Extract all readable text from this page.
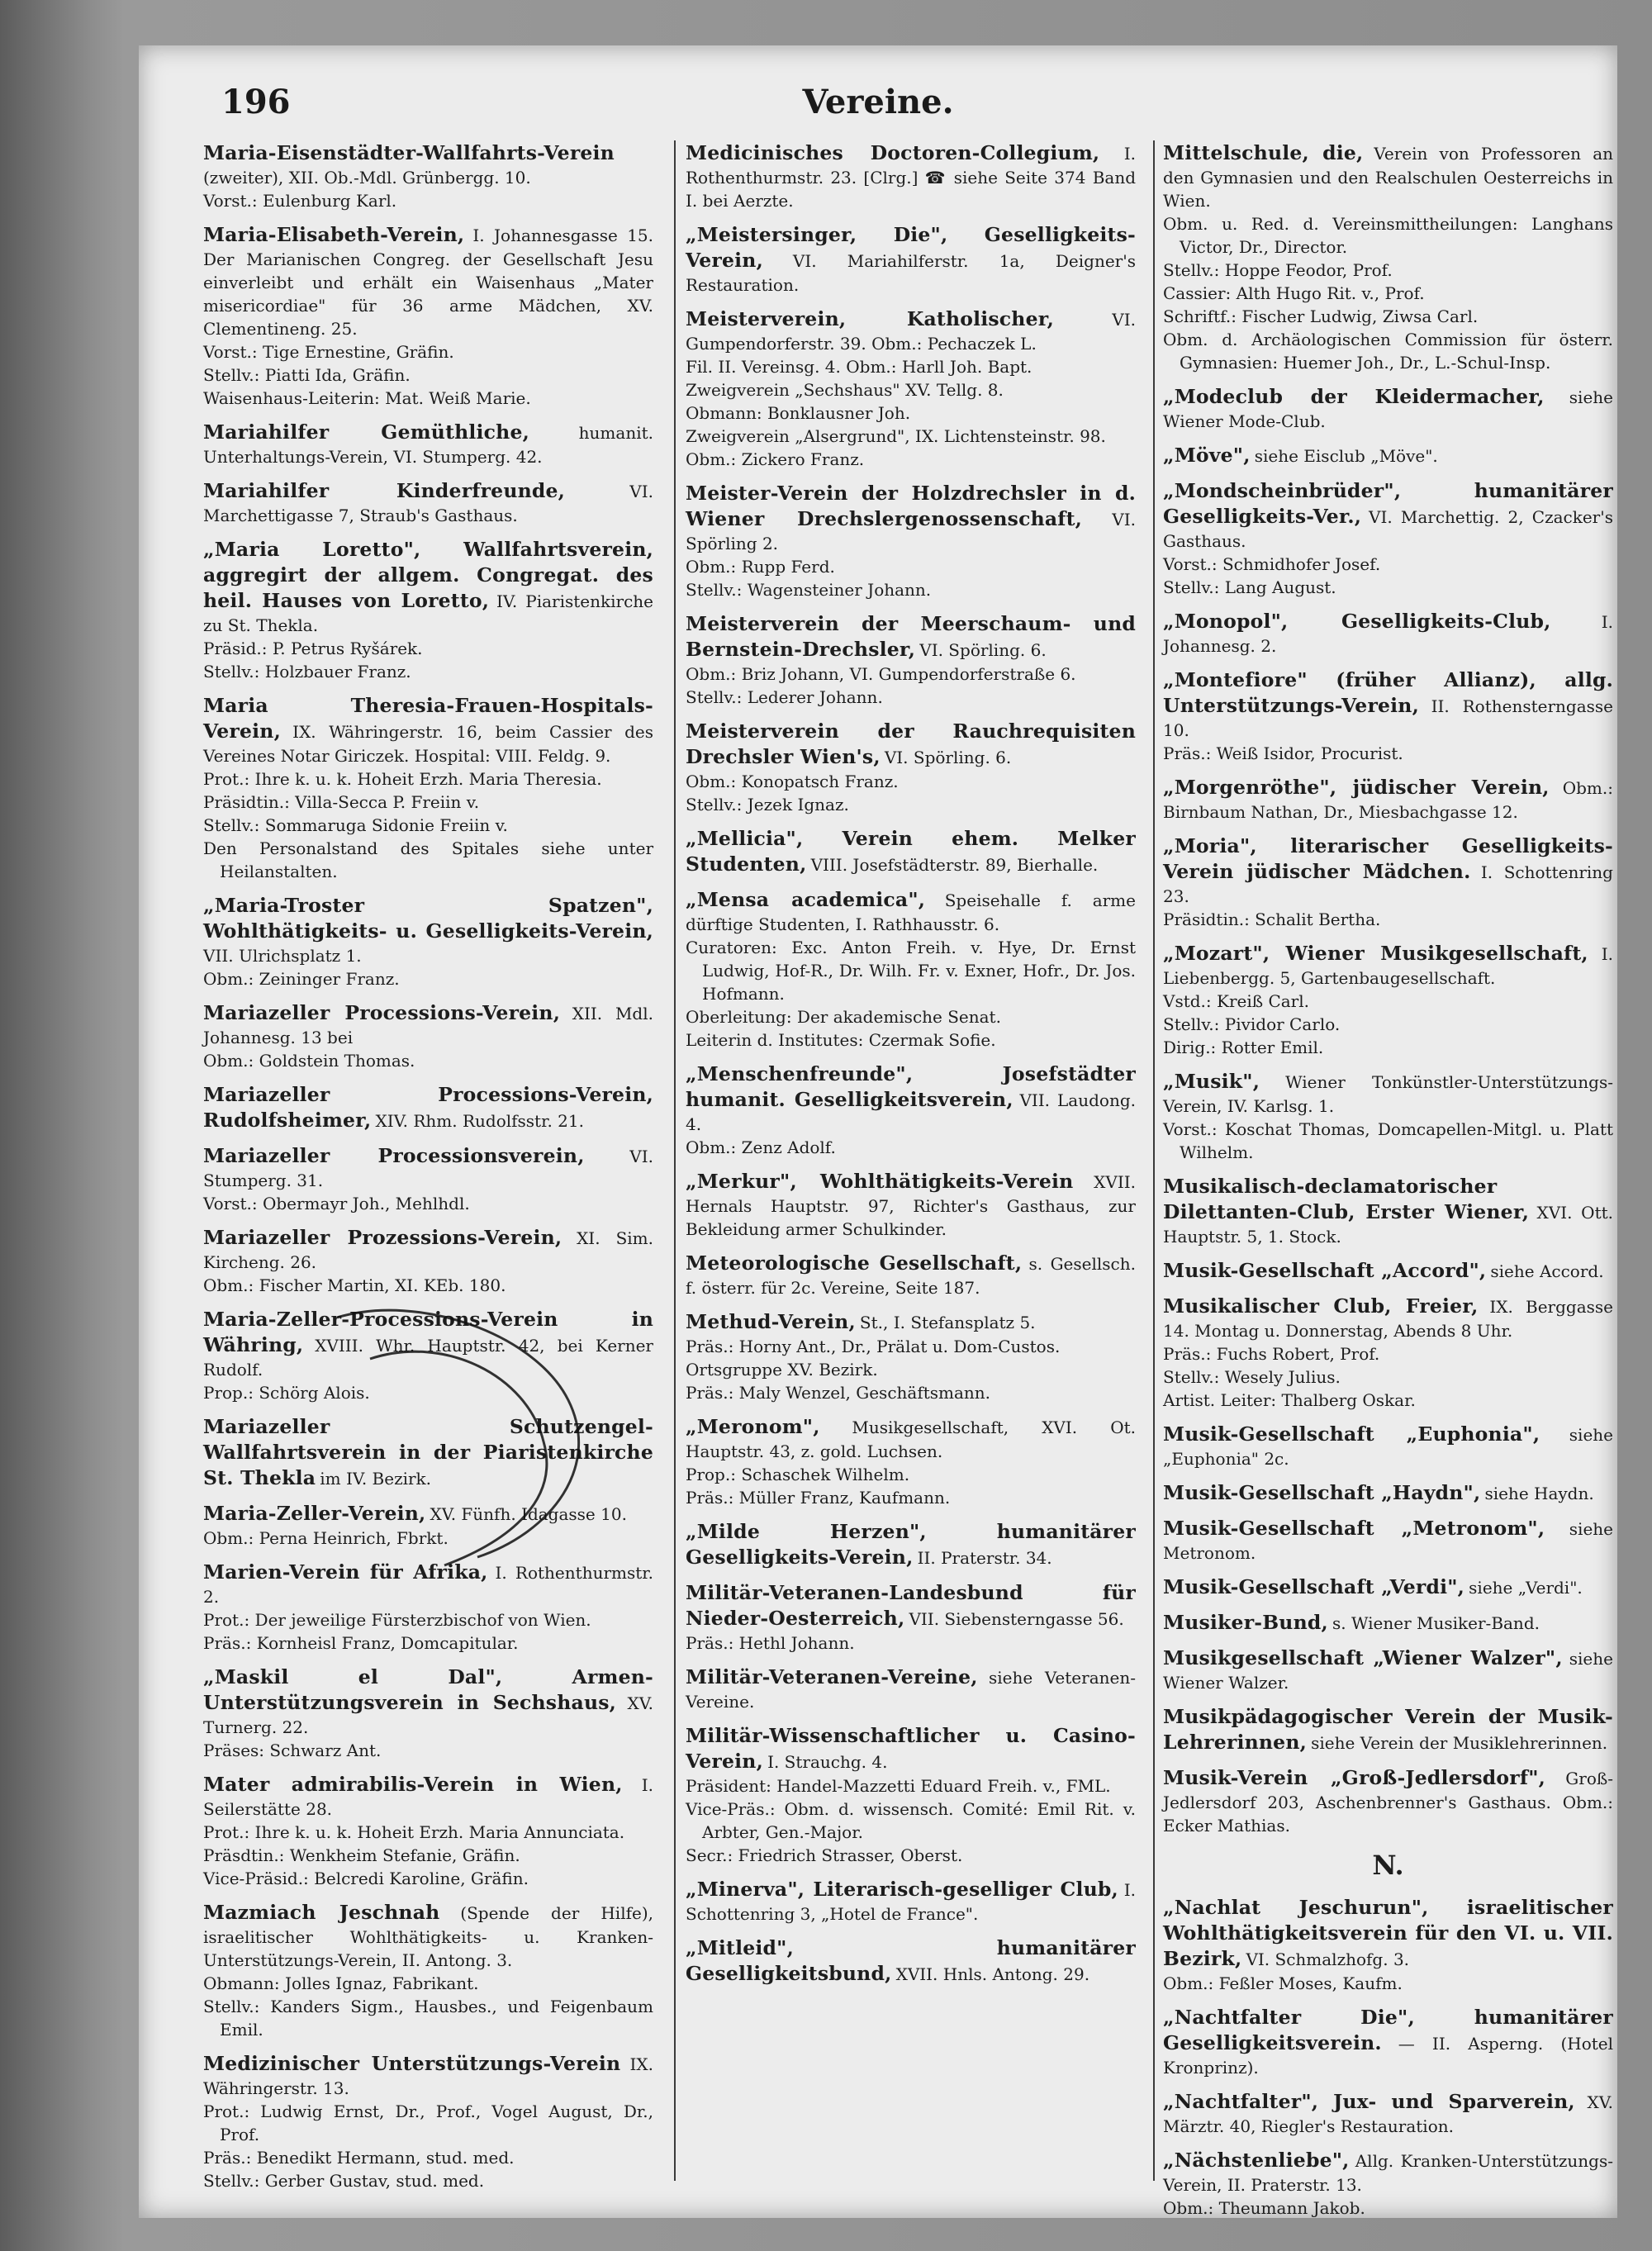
196	Vereine.
Maria-Eisenstädter-Wallfahrts-Verein (zweiter), XII. Ob.-Mdl. Grünbergg. 10.
Vorst.: Eulenburg Karl.
Maria-Elisabeth-Verein, I. Johannesgasse 15. Der Marianischen Congreg. der Gesellschaft Jesu einverleibt und erhält ein Waisenhaus „Mater misericordiae" für 36 arme Mädchen, XV. Clementineng. 25.
Vorst.: Tige Ernestine, Gräfin.
Stellv.: Piatti Ida, Gräfin.
Waisenhaus-Leiterin: Mat. Weiß Marie.
Mariahilfer Gemüthliche,	humanit. Unterhaltungs-Verein, VI. Stumperg. 42.
Mariahilfer Kinderfreunde,	VI. Marchettigasse 7, Straub's Gasthaus.
„Maria Loretto", Wallfahrtsverein, aggregirt der allgem. Congregat. des heil. Hauses von Loretto, IV. Piaristenkirche zu St. Thekla.
Präsid.: P. Petrus Ryšárek.
Stellv.: Holzbauer Franz.
Maria Theresia-Frauen-Hospitals-Verein, IX. Währingerstr. 16, beim Cassier des Vereines Notar Giriczek. Hospital: VIII. Feldg. 9.
Prot.: Ihre k. u. k. Hoheit Erzh. Maria Theresia.
Präsidtin.: Villa-Secca P. Freiin v.
Stellv.: Sommaruga Sidonie Freiin v.
Den Personalstand des Spitales siehe unter Heilanstalten.
„Maria-Troster Spatzen", Wohlthätigkeits- u. Geselligkeits-Verein, VII. Ulrichsplatz 1.
Obm.: Zeininger Franz.
Mariazeller Processions-Verein, XII. Mdl. Johannesg. 13 bei
Obm.: Goldstein Thomas.
Mariazeller Processions-Verein, Rudolfsheimer, XIV. Rhm. Rudolfsstr. 21.
Mariazeller Processionsverein,	VI. Stumperg. 31.
Vorst.: Obermayr Joh., Mehlhdl.
Mariazeller Prozessions-Verein, XI. Sim. Kircheng. 26.
Obm.: Fischer Martin, XI. KEb. 180.
Maria-Zeller-Processions-Verein in Währing, XVIII. Whr. Hauptstr. 42, bei Kerner Rudolf.
Prop.: Schörg Alois.
Mariazeller Schutzengel-Wallfahrtsverein in der Piaristenkirche St. Thekla im IV. Bezirk.
Maria-Zeller-Verein, XV. Fünfh. Idagasse 10.
Obm.: Perna Heinrich, Fbrkt.
Marien-Verein für Afrika, I. Rothenthurmstr. 2.
Prot.: Der jeweilige Fürsterzbischof von Wien.
Präs.: Kornheisl Franz, Domcapitular.
„Maskil el Dal", Armen-Unterstützungsverein in Sechshaus, XV. Turnerg. 22.
Präses: Schwarz Ant.
Mater admirabilis-Verein in Wien, I. Seilerstätte 28.
Prot.: Ihre k. u. k. Hoheit Erzh. Maria Annunciata.
Präsdtin.: Wenkheim Stefanie, Gräfin.
Vice-Präsid.: Belcredi Karoline, Gräfin.
Mazmiach Jeschnah (Spende der Hilfe), israelitischer Wohlthätigkeits- u. Kranken-Unterstützungs-Verein, II. Antong. 3.
Obmann: Jolles Ignaz, Fabrikant.
Stellv.: Kanders Sigm., Hausbes., und Feigenbaum Emil.
Medizinischer Unterstützungs-Verein IX. Währingerstr. 13.
Prot.: Ludwig Ernst, Dr., Prof., Vogel August, Dr., Prof.
Präs.: Benedikt Hermann, stud. med.
Stellv.: Gerber Gustav, stud. med.
Medicinisches Doctoren-Collegium, I. Rothenthurmstr. 23. [Clrg.] ☎ siehe Seite 374 Band I. bei Aerzte.
„Meistersinger, Die", Geselligkeits-Verein, VI. Mariahilferstr. 1a, Deigner's Restauration.
Meisterverein, Katholischer,	VI. Gumpendorferstr. 39. Obm.: Pechaczek L.
Fil. II. Vereinsg. 4. Obm.: Harll Joh. Bapt.
Zweigverein „Sechshaus" XV. Tellg. 8.
Obmann: Bonklausner Joh.
Zweigverein „Alsergrund", IX. Lichtensteinstr. 98.
Obm.: Zickero Franz.
Meister-Verein der Holzdrechsler in d. Wiener Drechslergenossenschaft, VI. Spörling 2.
Obm.: Rupp Ferd.
Stellv.: Wagensteiner Johann.
Meisterverein der Meerschaum- und Bernstein-Drechsler, VI. Spörling. 6.
Obm.: Briz Johann, VI. Gumpendorferstraße 6.
Stellv.: Lederer Johann.
Meisterverein der Rauchrequisiten Drechsler Wien's, VI. Spörling. 6.
Obm.: Konopatsch Franz.
Stellv.: Jezek Ignaz.
„Mellicia", Verein ehem. Melker Studenten, VIII. Josefstädterstr. 89, Bierhalle.
„Mensa academica", Speisehalle f. arme dürftige Studenten, I. Rathhausstr. 6.
Curatoren: Exc. Anton Freih. v. Hye, Dr. Ernst Ludwig, Hof-R., Dr. Wilh. Fr. v. Exner, Hofr., Dr. Jos. Hofmann.
Oberleitung: Der akademische Senat.
Leiterin d. Institutes: Czermak Sofie.
„Menschenfreunde", Josefstädter humanit. Geselligkeitsverein, VII. Laudong. 4.
Obm.: Zenz Adolf.
„Merkur", Wohlthätigkeits-Verein XVII. Hernals Hauptstr. 97, Richter's Gasthaus, zur Bekleidung armer Schulkinder.
Meteorologische Gesellschaft, s. Gesellsch. f. österr. für 2c. Vereine, Seite 187.
Methud-Verein, St., I. Stefansplatz 5.
Präs.: Horny Ant., Dr., Prälat u. Dom-Custos.
Ortsgruppe XV. Bezirk.
Präs.: Maly Wenzel, Geschäftsmann.
„Meronom", Musikgesellschaft, XVI. Ot. Hauptstr. 43, z. gold. Luchsen.
Prop.: Schaschek Wilhelm.
Präs.: Müller Franz, Kaufmann.
„Milde Herzen", humanitärer Geselligkeits-Verein, II. Praterstr. 34.
Militär-Veteranen-Landesbund für Nieder-Oesterreich, VII. Siebensterngasse 56.
Präs.: Hethl Johann.
Militär-Veteranen-Vereine, siehe Veteranen-Vereine.
Militär-Wissenschaftlicher u. Casino-Verein, I. Strauchg. 4.
Präsident: Handel-Mazzetti Eduard Freih. v., FML.
Vice-Präs.: Obm. d. wissensch. Comité: Emil Rit. v. Arbter, Gen.-Major.
Secr.: Friedrich Strasser, Oberst.
„Minerva", Literarisch-geselliger Club, I. Schottenring 3, „Hotel de France".
„Mitleid", humanitärer Geselligkeitsbund, XVII. Hnls. Antong. 29.
Mittelschule, die, Verein von Professoren an den Gymnasien und den Realschulen Oesterreichs in Wien.
Obm. u. Red. d. Vereinsmittheilungen: Langhans Victor, Dr., Director.
Stellv.: Hoppe Feodor, Prof.
Cassier: Alth Hugo Rit. v., Prof.
Schriftf.: Fischer Ludwig, Ziwsa Carl.
Obm. d. Archäologischen Commission für österr. Gymnasien: Huemer Joh., Dr., L.-Schul-Insp.
„Modeclub der Kleidermacher, siehe Wiener Mode-Club.
„Möve", siehe Eisclub „Möve".
„Mondscheinbrüder", humanitärer Geselligkeits-Ver., VI. Marchettig. 2, Czacker's Gasthaus.
Vorst.: Schmidhofer Josef.
Stellv.: Lang August.
„Monopol", Geselligkeits-Club,	I. Johannesg. 2.
„Montefiore" (früher Allianz), allg. Unterstützungs-Verein, II. Rothensterngasse 10.
Präs.: Weiß Isidor, Procurist.
„Morgenröthe", jüdischer Verein, Obm.: Birnbaum Nathan, Dr., Miesbachgasse 12.
„Moria", literarischer Geselligkeits-Verein jüdischer Mädchen. I. Schottenring 23.
Präsidtin.: Schalit Bertha.
„Mozart", Wiener Musikgesellschaft, I. Liebenbergg. 5, Gartenbaugesellschaft.
Vstd.: Kreiß Carl.
Stellv.: Pividor Carlo.
Dirig.: Rotter Emil.
„Musik", Wiener Tonkünstler-Unterstützungs-Verein, IV. Karlsg. 1.
Vorst.: Koschat Thomas, Domcapellen-Mitgl. u. Platt Wilhelm.
Musikalisch-declamatorischer Dilettanten-Club, Erster Wiener, XVI. Ott. Hauptstr. 5, 1. Stock.
Musik-Gesellschaft „Accord", siehe Accord.
Musikalischer Club, Freier, IX. Berggasse 14. Montag u. Donnerstag, Abends 8 Uhr.
Präs.: Fuchs Robert, Prof.
Stellv.: Wesely Julius.
Artist. Leiter: Thalberg Oskar.
Musik-Gesellschaft „Euphonia", siehe „Euphonia" 2c.
Musik-Gesellschaft „Haydn", siehe Haydn.
Musik-Gesellschaft „Metronom", siehe Metronom.
Musik-Gesellschaft „Verdi", siehe „Verdi".
Musiker-Bund, s. Wiener Musiker-Band.
Musikgesellschaft „Wiener Walzer", siehe Wiener Walzer.
Musikpädagogischer Verein der Musik-Lehrerinnen, siehe Verein der Musiklehrerinnen.
Musik-Verein „Groß-Jedlersdorf", Groß-Jedlersdorf 203, Aschenbrenner's Gasthaus. Obm.: Ecker Mathias.
N.
„Nachlat Jeschurun", israelitischer Wohlthätigkeitsverein für den VI. u. VII. Bezirk, VI. Schmalzhofg. 3.
Obm.: Feßler Moses, Kaufm.
„Nachtfalter Die", humanitärer Geselligkeitsverein. — II. Asperng. (Hotel Kronprinz).
„Nachtfalter", Jux- und Sparverein, XV. Märztr. 40, Riegler's Restauration.
„Nächstenliebe", Allg. Kranken-Unterstützungs-Verein, II. Praterstr. 13.
Obm.: Theumann Jakob.
